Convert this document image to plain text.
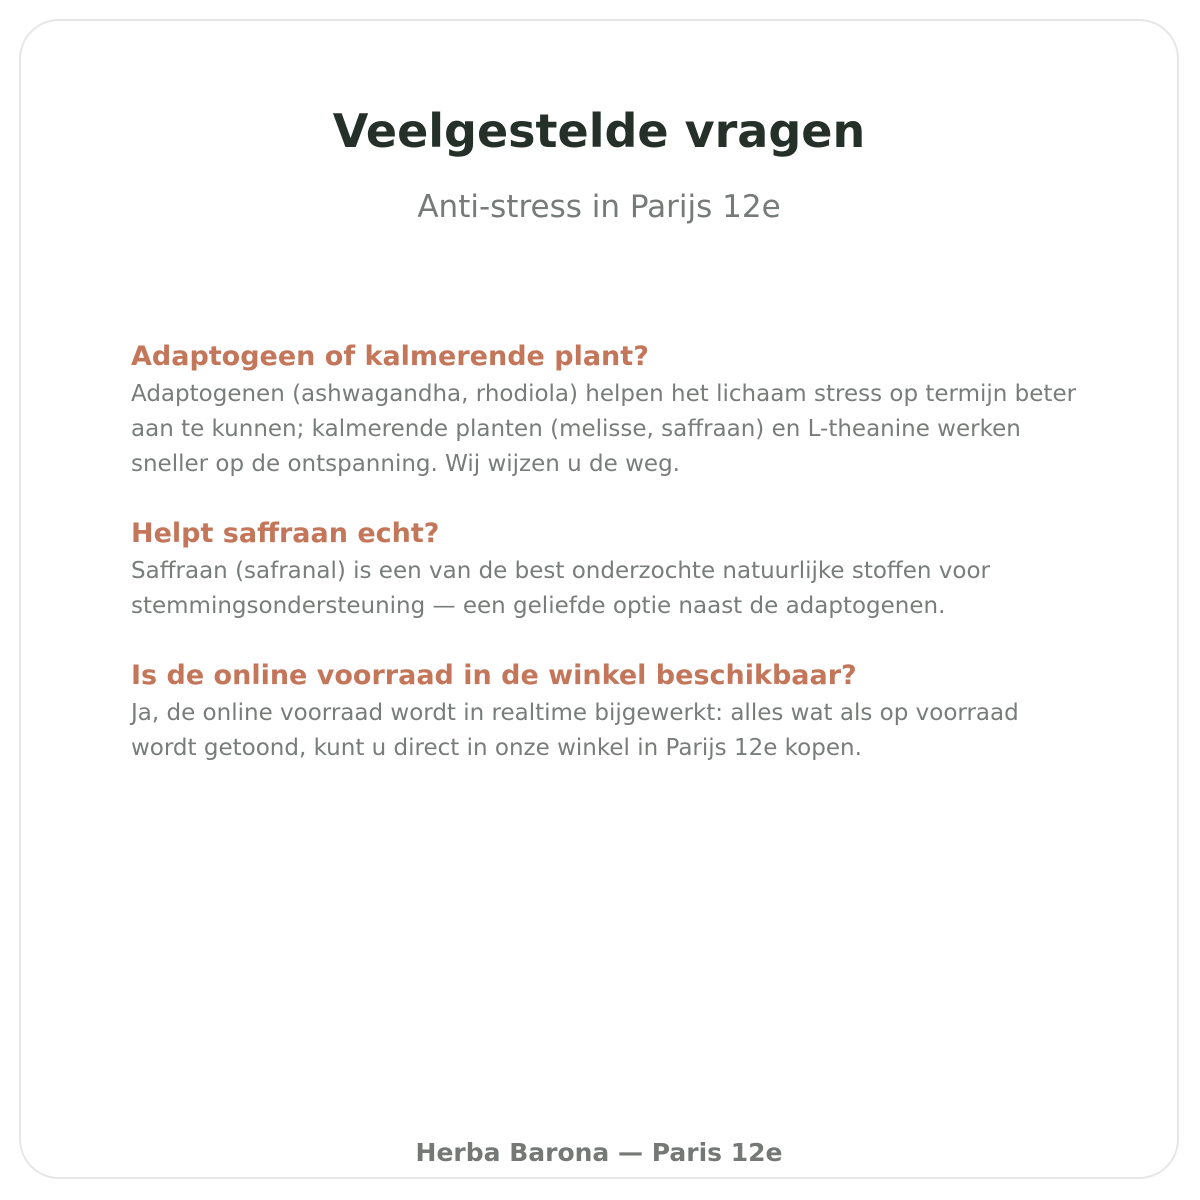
Veelgestelde vragen

Anti-stress in Parijs 12e

Adaptogeen of kalmerende plant?

Adaptogenen (ashwagandha, rhodiola) helpen het lichaam stress op termijn beter aan te kunnen; kalmerende planten (melisse, saffraan) en L-theanine werken sneller op de ontspanning. Wij wijzen u de weg.

Helpt saffraan echt?

Saffraan (safranal) is een van de best onderzochte natuurlijke stoffen voor stemmingsondersteuning — een geliefde optie naast de adaptogenen.

Is de online voorraad in de winkel beschikbaar?

Ja, de online voorraad wordt in realtime bijgewerkt: alles wat als op voorraad wordt getoond, kunt u direct in onze winkel in Parijs 12e kopen.

Herba Barona — Paris 12e
